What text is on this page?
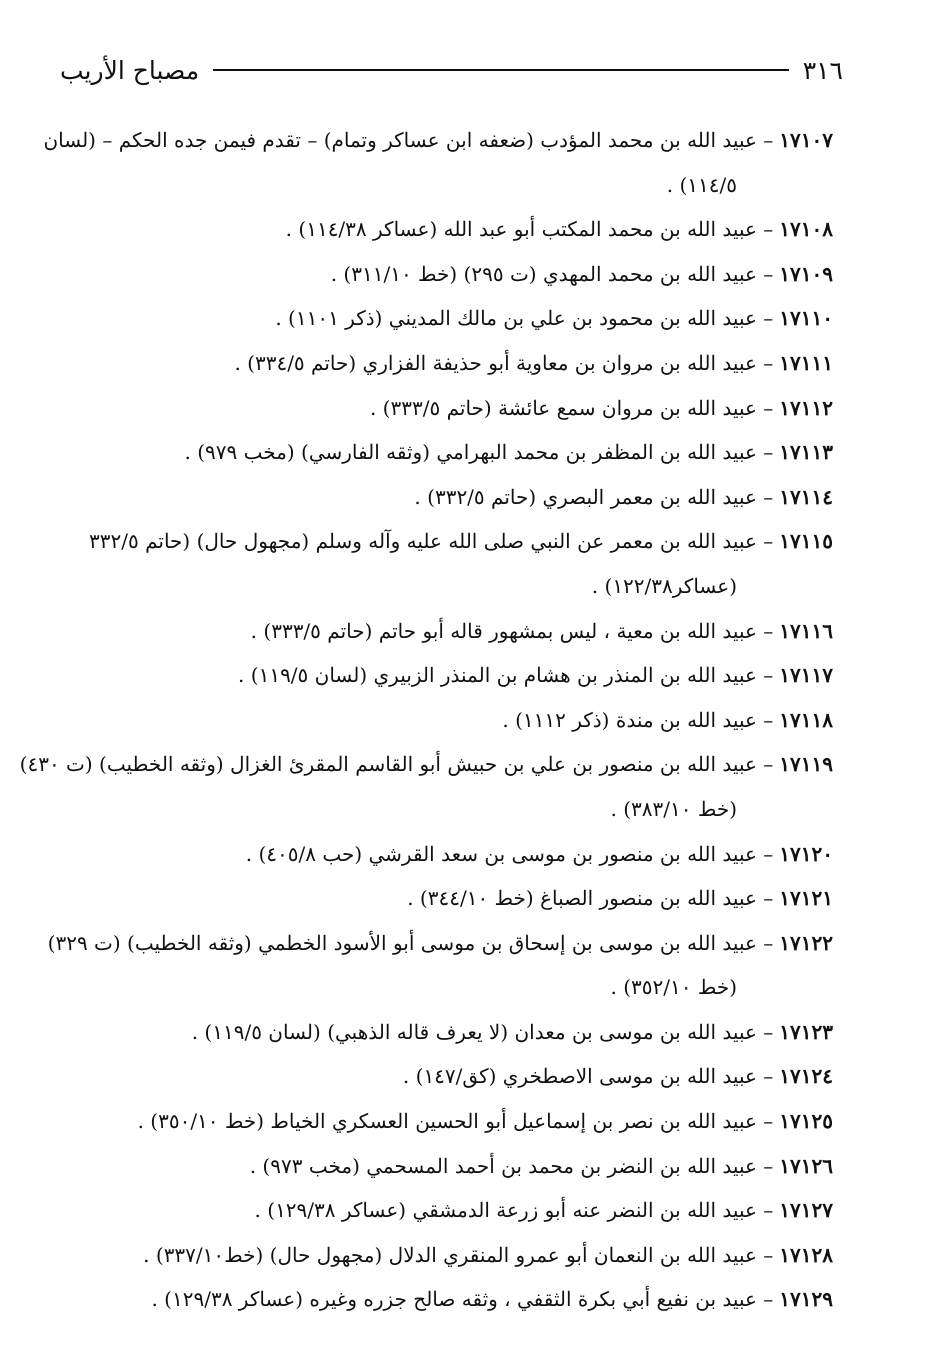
مصباح الأريب	٣١٦
١٧١٠٧– عبيد الله بن محمد المؤدب (ضعفه ابن عساكر وتمام) – تقدم فيمن جده الحكم – (لسان
١١٤/٥) .
١٧١٠٨– عبيد الله بن محمد المكتب أبو عبد الله (عساكر ١١٤/٣٨) .
١٧١٠٩– عبيد الله بن محمد المهدي (ت ٢٩٥) (خط ٣١١/١٠) .
١٧١١٠– عبيد الله بن محمود بن علي بن مالك المديني (ذكر ١١٠١) .
١٧١١١– عبيد الله بن مروان بن معاوية أبو حذيفة الفزاري (حاتم ٣٣٤/٥) .
١٧١١٢– عبيد الله بن مروان سمع عائشة (حاتم ٣٣٣/٥) .
١٧١١٣– عبيد الله بن المظفر بن محمد البهرامي (وثقه الفارسي) (مخب ٩٧٩) .
١٧١١٤– عبيد الله بن معمر البصري (حاتم ٣٣٢/٥) .
١٧١١٥– عبيد الله بن معمر عن النبي صلى الله عليه وآله وسلم (مجهول حال) (حاتم ٣٣٢/٥
(عساكر١٢٢/٣٨) .
١٧١١٦– عبيد الله بن معية ، ليس بمشهور قاله أبو حاتم (حاتم ٣٣٣/٥) .
١٧١١٧– عبيد الله بن المنذر بن هشام بن المنذر الزبيري (لسان ١١٩/٥) .
١٧١١٨– عبيد الله بن مندة (ذكر ١١١٢) .
١٧١١٩– عبيد الله بن منصور بن علي بن حبيش أبو القاسم المقرئ الغزال (وثقه الخطيب) (ت ٤٣٠)
(خط ٣٨٣/١٠) .
١٧١٢٠– عبيد الله بن منصور بن موسى بن سعد القرشي (حب ٤٠٥/٨) .
١٧١٢١– عبيد الله بن منصور الصباغ (خط ٣٤٤/١٠) .
١٧١٢٢– عبيد الله بن موسى بن إسحاق بن موسى أبو الأسود الخطمي (وثقه الخطيب) (ت ٣٢٩)
(خط ٣٥٢/١٠) .
١٧١٢٣– عبيد الله بن موسى بن معدان (لا يعرف قاله الذهبي) (لسان ١١٩/٥) .
١٧١٢٤– عبيد الله بن موسى الاصطخري (كق/١٤٧) .
١٧١٢٥– عبيد الله بن نصر بن إسماعيل أبو الحسين العسكري الخياط (خط ٣٥٠/١٠) .
١٧١٢٦– عبيد الله بن النضر بن محمد بن أحمد المسحمي (مخب ٩٧٣) .
١٧١٢٧– عبيد الله بن النضر عنه أبو زرعة الدمشقي (عساكر ١٢٩/٣٨) .
١٧١٢٨– عبيد الله بن النعمان أبو عمرو المنقري الدلال (مجهول حال) (خط٣٣٧/١٠) .
١٧١٢٩– عبيد بن نفيع أبي بكرة الثقفي ، وثقه صالح جزره وغيره (عساكر ١٢٩/٣٨) .
